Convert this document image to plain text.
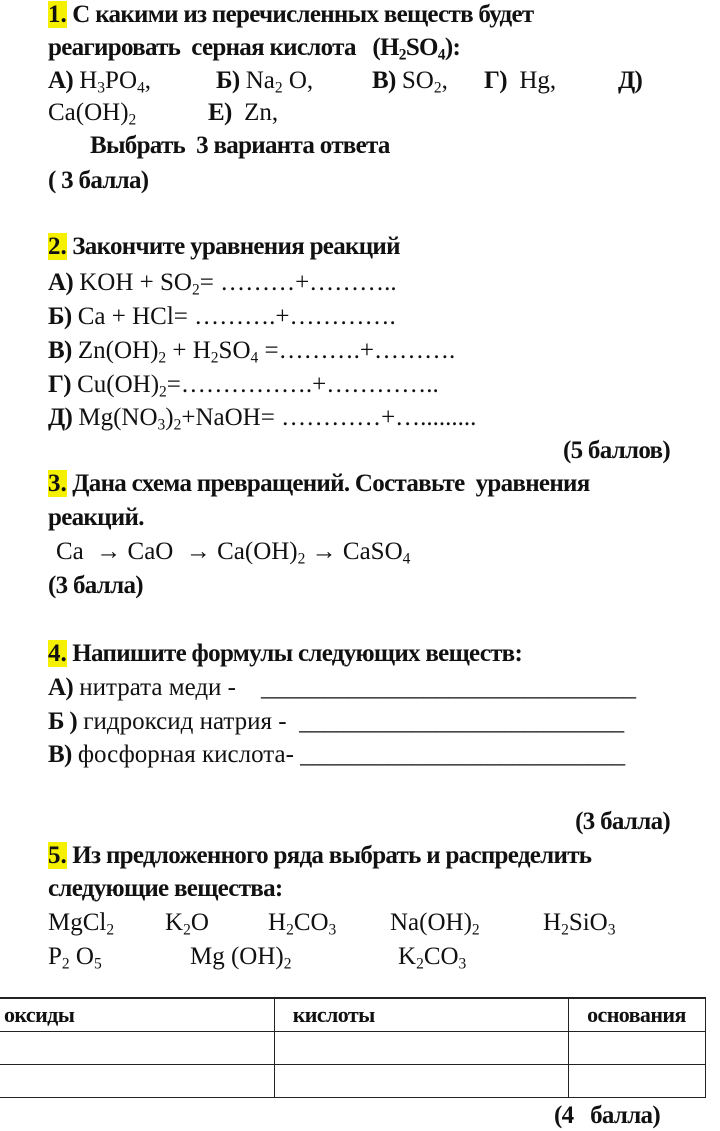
1. С какими из перечисленных веществ будет
реагировать  серная кислота   $(H_2SO_4)$:
А) $H_3PO_4$,	Б) $Na_2$ O, В) $SO_2$, Г)  Hg, Д)
$Ca(OH)_2$	Е)  Zn,
Выбрать  3 варианта ответа
( 3 балла)
2. Закончите уравнения реакций
А) KOH + $SO_2=$ ………+………..
Б) Ca + HCl= ……….+………….
В) $Zn(OH)_2 + H_2SO_4$ =……….+……….
Г) $Cu(OH)_2=\dots\dots\dots\dots\dots.+\dots\dots\dots\dots$..
Д) $Mg(NO_3)_2+NaOH=$ …………+….........
(5 баллов)
3. Дана схема превращений. Составьте  уравнения
реакций.
Ca  → CaO  → $Ca(OH)_2$ → CaSO$_4$
(3 балла)
4. Напишите формулы следующих веществ:
А) нитрата меди -    ______________________________
Б ) гидроксид натрия -  __________________________
В) фосфорная кислота- __________________________
(3 балла)
5. Из предложенного ряда выбрать и распределить
следующие вещества:
MgCl$_2$ $K_2O$ $H_2CO_3$ $Na(OH)_2$	$H_2SiO_3$
$P_2$ $O_5$	Mg $(OH)_2$	$K_2CO_3$
(4   балла)
оксиды	кислоты	основания
